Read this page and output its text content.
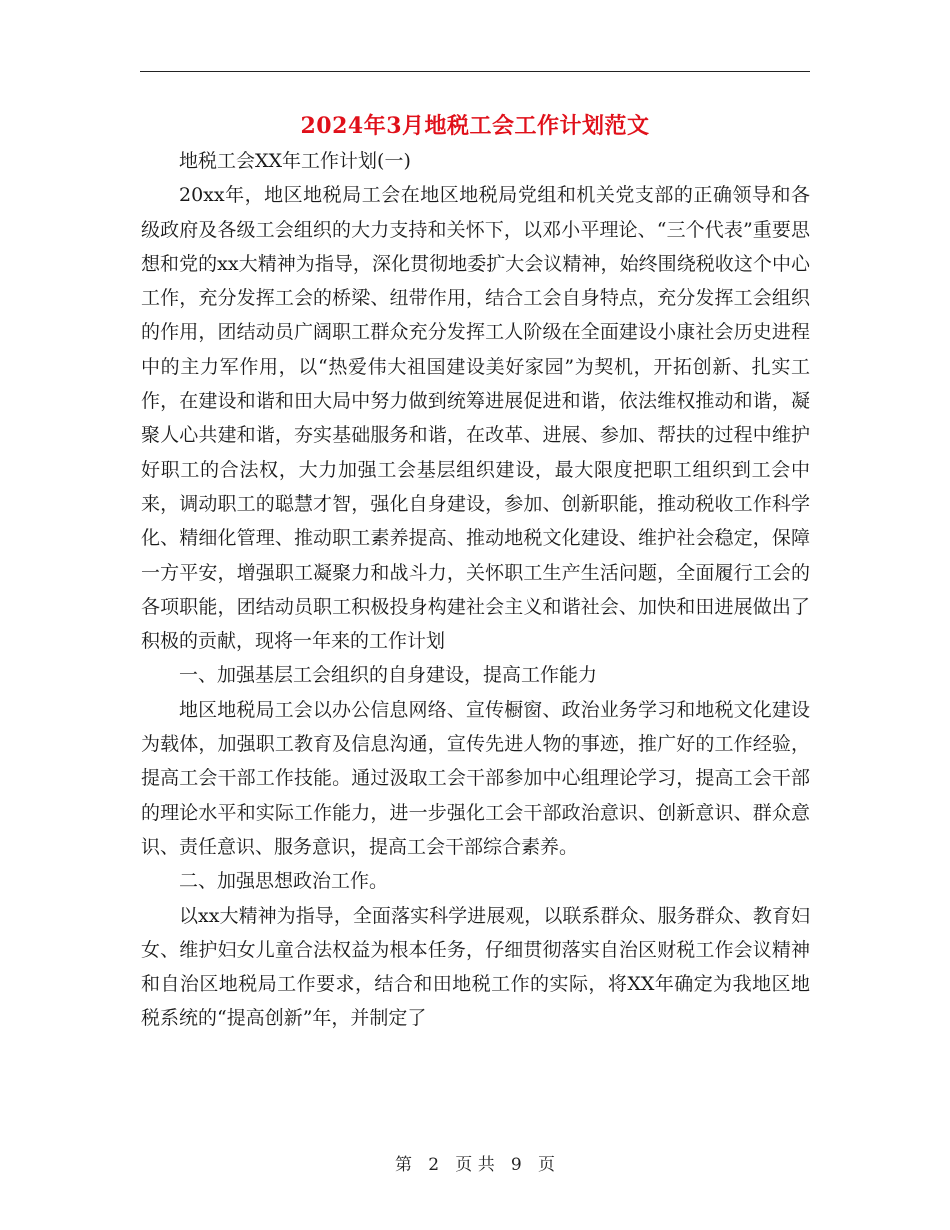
2024年3月地税工会工作计划范文

地税工会XX年工作计划(一)

20xx年，地区地税局工会在地区地税局党组和机关党支部的正确领导和各级政府及各级工会组织的大力支持和关怀下，以邓小平理论、“三个代表”重要思想和党的xx大精神为指导，深化贯彻地委扩大会议精神，始终围绕税收这个中心工作，充分发挥工会的桥梁、纽带作用，结合工会自身特点，充分发挥工会组织的作用，团结动员广阔职工群众充分发挥工人阶级在全面建设小康社会历史进程中的主力军作用，以“热爱伟大祖国建设美好家园”为契机，开拓创新、扎实工作，在建设和谐和田大局中努力做到统筹进展促进和谐，依法维权推动和谐，凝聚人心共建和谐，夯实基础服务和谐，在改革、进展、参加、帮扶的过程中维护好职工的合法权，大力加强工会基层组织建设，最大限度把职工组织到工会中来，调动职工的聪慧才智，强化自身建设，参加、创新职能，推动税收工作科学化、精细化管理、推动职工素养提高、推动地税文化建设、维护社会稳定，保障一方平安，增强职工凝聚力和战斗力，关怀职工生产生活问题，全面履行工会的各项职能，团结动员职工积极投身构建社会主义和谐社会、加快和田进展做出了积极的贡献，现将一年来的工作计划

一、加强基层工会组织的自身建设，提高工作能力

地区地税局工会以办公信息网络、宣传橱窗、政治业务学习和地税文化建设为载体，加强职工教育及信息沟通，宣传先进人物的事迹，推广好的工作经验，提高工会干部工作技能。通过汲取工会干部参加中心组理论学习，提高工会干部的理论水平和实际工作能力，进一步强化工会干部政治意识、创新意识、群众意识、责任意识、服务意识，提高工会干部综合素养。

二、加强思想政治工作。

以xx大精神为指导，全面落实科学进展观，以联系群众、服务群众、教育妇女、维护妇女儿童合法权益为根本任务，仔细贯彻落实自治区财税工作会议精神和自治区地税局工作要求，结合和田地税工作的实际，将XX年确定为我地区地税系统的“提高创新”年，并制定了

第 2 页 共 9 页
